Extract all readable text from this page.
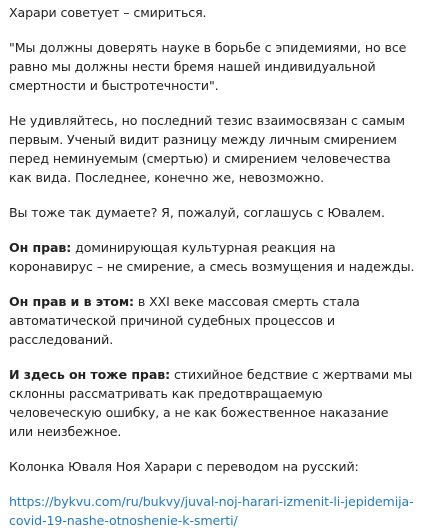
Харари советует – смириться.

"Мы должны доверять науке в борьбе с эпидемиями, но все равно мы должны нести бремя нашей индивидуальной смертности и быстротечности".

Не удивляйтесь, но последний тезис взаимосвязан с самым первым. Ученый видит разницу между личным смирением перед неминуемым (смертью) и смирением человечества как вида. Последнее, конечно же, невозможно.

Вы тоже так думаете? Я, пожалуй, соглашусь с Ювалем.

Он прав: доминирующая культурная реакция на коронавирус – не смирение, а смесь возмущения и надежды.

Он прав и в этом: в XXI веке массовая смерть стала автоматической причиной судебных процессов и расследований.

И здесь он тоже прав: стихийное бедствие с жертвами мы склонны рассматривать как предотвращаемую человеческую ошибку, а не как божественное наказание или неизбежное.

Колонка Юваля Ноя Харари с переводом на русский:

https://bykvu.com/ru/bukvy/juval-noj-harari-izmenit-li-jepidemija-covid-19-nashe-otnoshenie-k-smerti/
